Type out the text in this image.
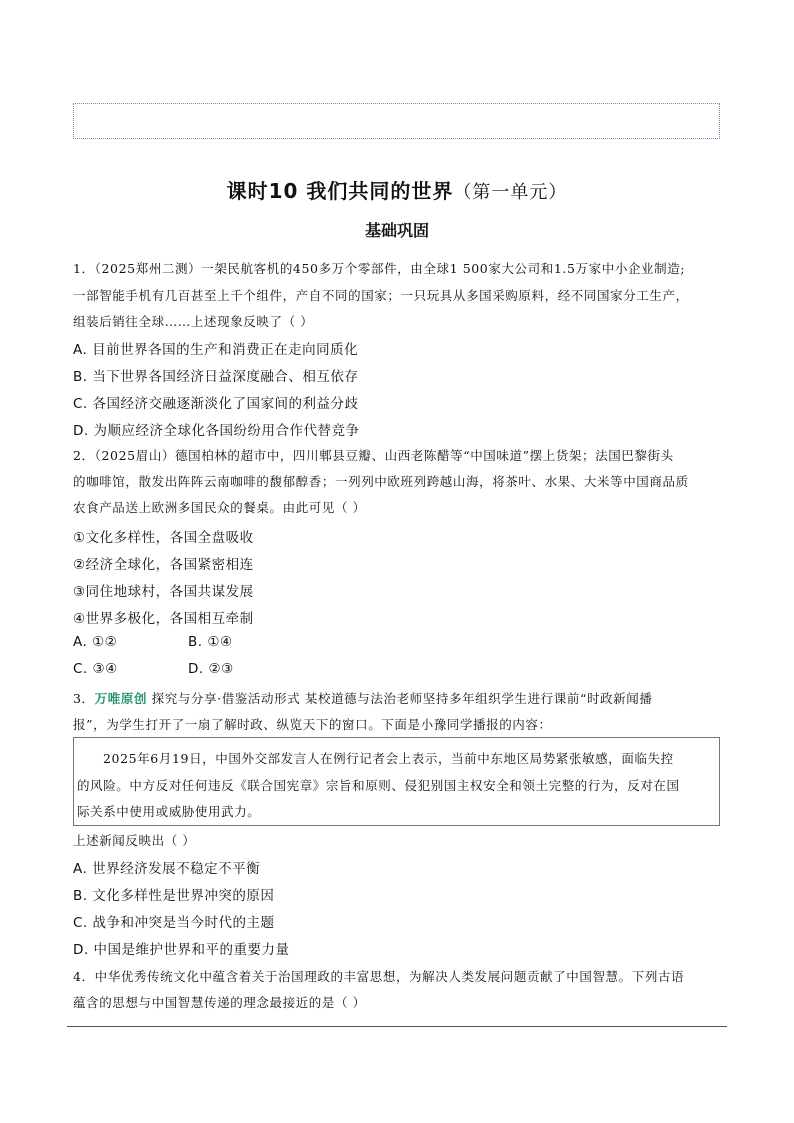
课时10 我们共同的世界（第一单元）
基础巩固
1．（2025郑州二测）一架民航客机的450多万个零部件，由全球1 500家大公司和1.5万家中小企业制造;
一部智能手机有几百甚至上千个组件，产自不同的国家；一只玩具从多国采购原料，经不同国家分工生产，
组装后销往全球……上述现象反映了（ ）
A. 目前世界各国的生产和消费正在走向同质化
B. 当下世界各国经济日益深度融合、相互依存
C. 各国经济交融逐渐淡化了国家间的利益分歧
D. 为顺应经济全球化各国纷纷用合作代替竞争
2．（2025眉山）德国柏林的超市中，四川郫县豆瓣、山西老陈醋等“中国味道”摆上货架；法国巴黎街头
的咖啡馆，散发出阵阵云南咖啡的馥郁醇香；一列列中欧班列跨越山海，将茶叶、水果、大米等中国商品质
农食产品送上欧洲多国民众的餐桌。由此可见（ ）
①文化多样性，各国全盘吸收
②经济全球化，各国紧密相连
③同住地球村，各国共谋发展
④世界多极化，各国相互牵制
A. ①②	B. ①④
C. ③④	D. ②③
3．万唯原创 探究与分享·借鉴活动形式 某校道德与法治老师坚持多年组织学生进行课前“时政新闻播
报”，为学生打开了一扇了解时政、纵览天下的窗口。下面是小豫同学播报的内容：
2025年6月19日，中国外交部发言人在例行记者会上表示，当前中东地区局势紧张敏感，面临失控
的风险。中方反对任何违反《联合国宪章》宗旨和原则、侵犯别国主权安全和领土完整的行为，反对在国
际关系中使用或威胁使用武力。
上述新闻反映出（ ）
A. 世界经济发展不稳定不平衡
B. 文化多样性是世界冲突的原因
C. 战争和冲突是当今时代的主题
D. 中国是维护世界和平的重要力量
4．中华优秀传统文化中蕴含着关于治国理政的丰富思想，为解决人类发展问题贡献了中国智慧。下列古语
蕴含的思想与中国智慧传递的理念最接近的是（ ）
